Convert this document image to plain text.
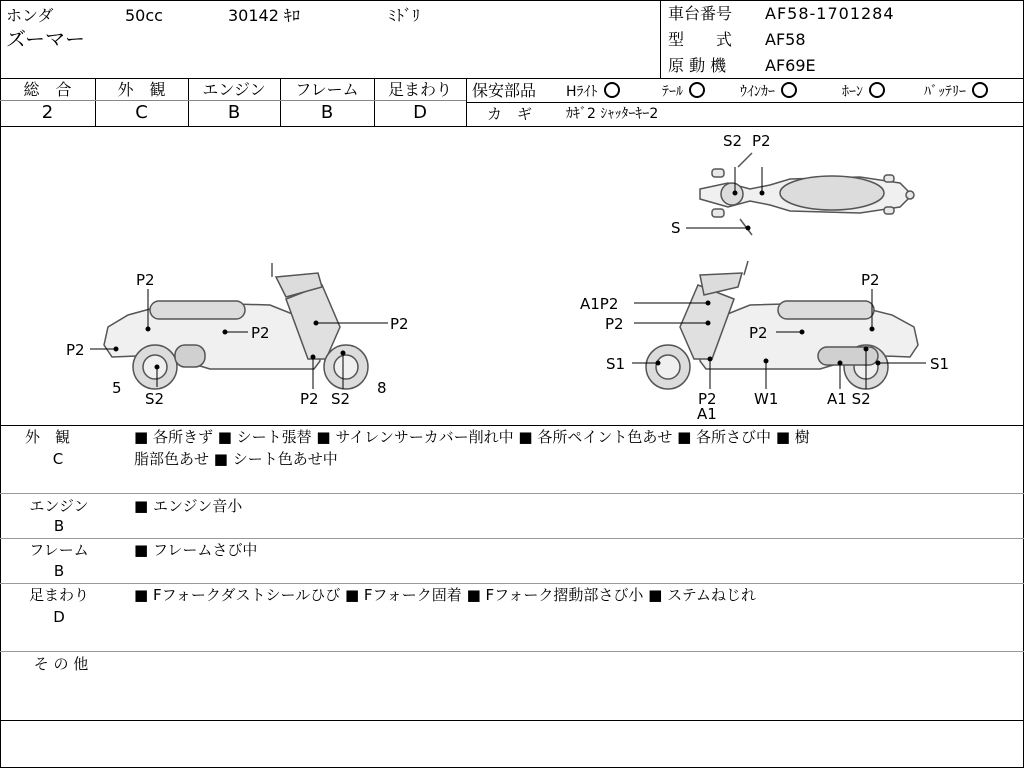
ホンダ	50cc	30142 ｷﾛ	ﾐﾄﾞﾘ
ズーマー
車台番号 AF58-1701284
型　　式 AF58
原 動 機 AF69E
総　合
2
外　観
C
エンジン
B
フレーム
B
足まわり
D
保安部品 Hﾗｲﾄ	ﾃｰﾙ	ｳｲﾝｶｰ	ﾎｰﾝ	ﾊﾞｯﾃﾘｰ
カ　ギ ｶｷﾞ2 ｼｬｯﾀｰｷｰ2
S2 P2
S
P2
P2
P2	P2
5
S2	P2 S2
8
A1P2
P2	P2
P2
S1	S1
P2
A1
W1	A1 S2
外　観
C
■ 各所きず ■ シート張替 ■ サイレンサーカバー削れ中 ■ 各所ペイント色あせ ■ 各所さび中 ■ 樹
脂部色あせ ■ シート色あせ中
エンジン
B
■ エンジン音小
フレーム
B
■ フレームさび中
足まわり
D
■ Fフォークダストシールひび ■ Fフォーク固着 ■ Fフォーク摺動部さび小 ■ ステムねじれ
そ の 他
